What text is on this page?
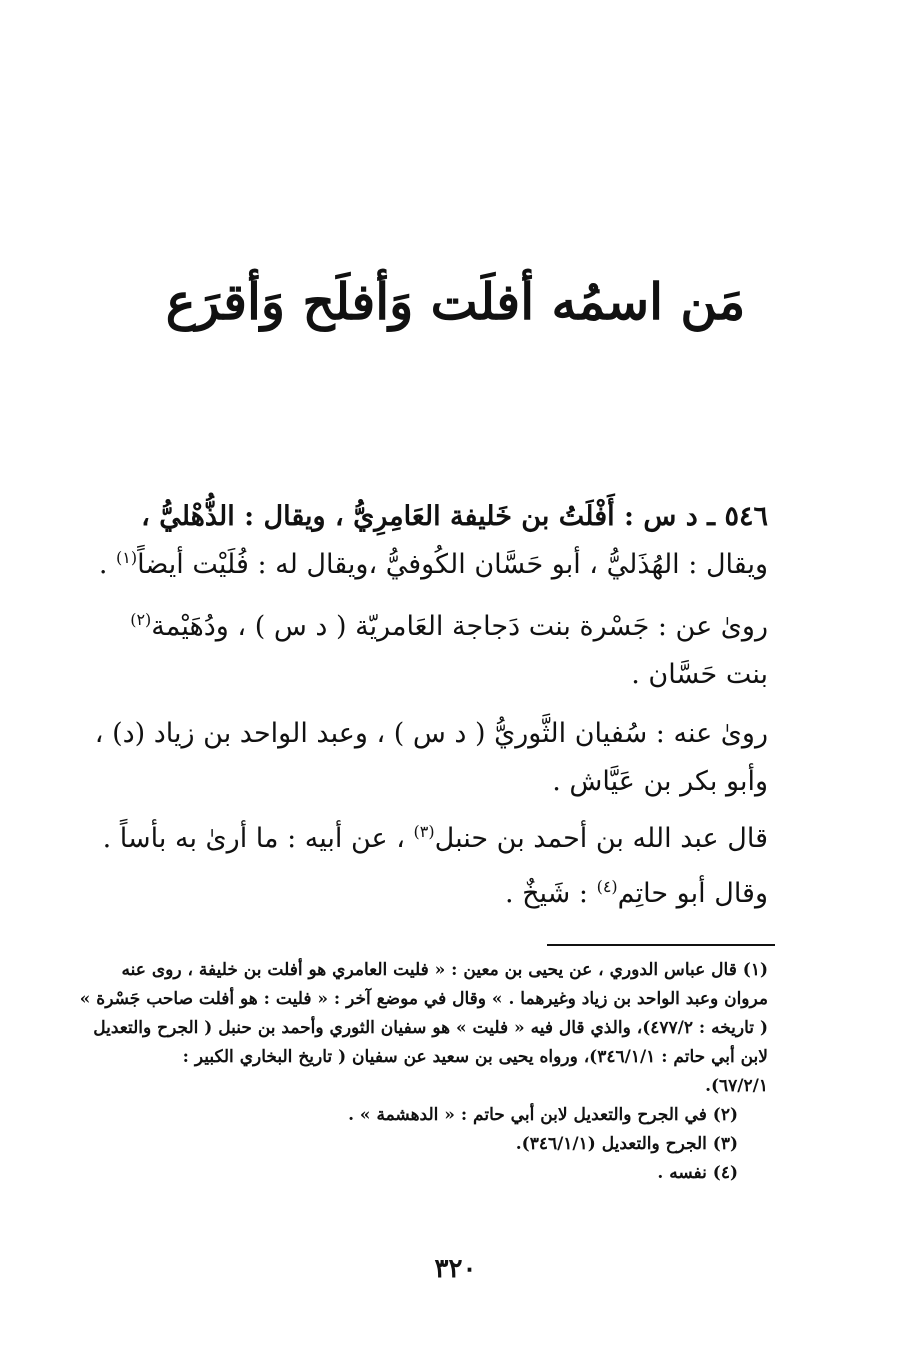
مَن اسمُه أفلَت وَأفلَح وَأقرَع
٥٤٦ ـ د س : أَفْلَتُ بن خَليفة العَامِرِيُّ ، ويقال : الذُّهْليُّ ،
ويقال : الهُذَليُّ ، أبو حَسَّان الكُوفيُّ ،ويقال له : فُلَيْت أيضاً$^{(١)}$ .
روىٰ عن : جَسْرة بنت دَجاجة العَامريّة ( د س ) ، ودُهَيْمة$^{(٢)}$
بنت حَسَّان .
روىٰ عنه : سُفيان الثَّوريُّ ( د س ) ، وعبد الواحد بن زياد (د) ،
وأبو بكر بن عَيَّاش .
قال عبد الله بن أحمد بن حنبل$^{(٣)}$ ، عن أبيه : ما أرىٰ به بأساً .
وقال أبو حاتِم$^{(٤)}$ : شَيخٌ .
(١) قال عباس الدوري ، عن يحيى بن معين : « فليت العامري هو أفلت بن خليفة ، روى عنه
مروان وعبد الواحد بن زياد وغيرهما . » وقال في موضع آخر : « فليت : هو أفلت صاحب جَسْرة »
( تاريخه : ٤٧٧/٢)، والذي قال فيه « فليت » هو سفيان الثوري وأحمد بن حنبل ( الجرح والتعديل
لابن أبي حاتم : ٣٤٦/١/١)، ورواه يحيى بن سعيد عن سفيان ( تاريخ البخاري الكبير :
٦٧/٢/١).
(٢) في الجرح والتعديل لابن أبي حاتم : « الدهشمة » .
(٣) الجرح والتعديل (٣٤٦/١/١).
(٤) نفسه .
٣٢٠
